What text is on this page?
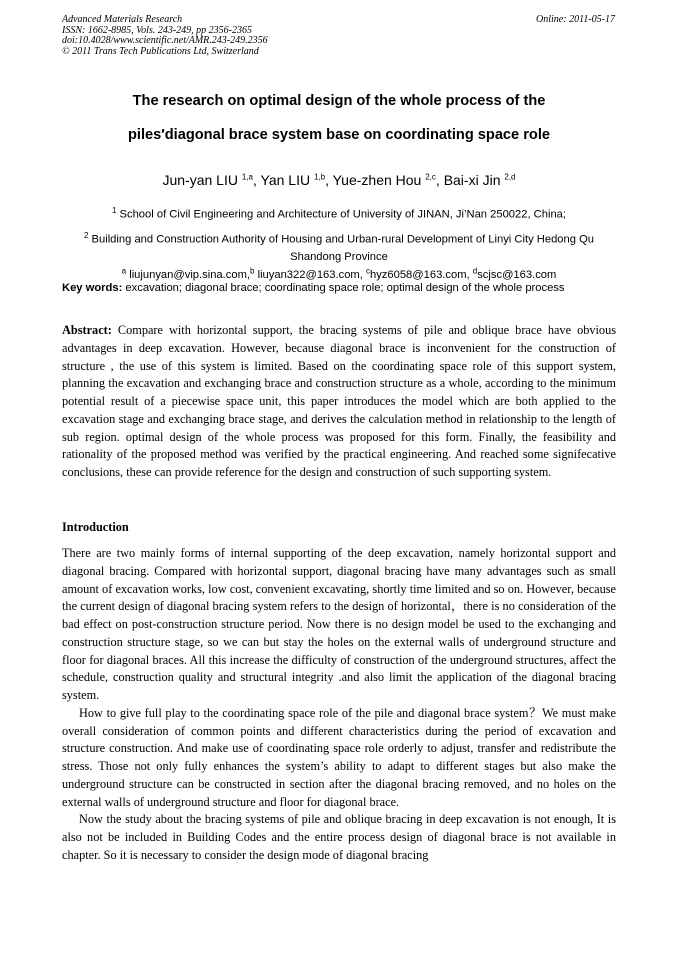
Advanced Materials Research
ISSN: 1662-8985, Vols. 243-249, pp 2356-2365
doi:10.4028/www.scientific.net/AMR.243-249.2356
© 2011 Trans Tech Publications Ltd, Switzerland
Online: 2011-05-17
The research on optimal design of the whole process of the
piles′diagonal brace system base on coordinating space role
Jun-yan LIU $^{1,a}$, Yan LIU $^{1,b}$, Yue-zhen Hou $^{2,c}$, Bai-xi Jin $^{2,d}$
$^1$ School of Civil Engineering and Architecture of University of JINAN, Ji’Nan 250022, China;
$^2$ Building and Construction Authority of Housing and Urban-rural Development of Linyi City Hedong Qu Shandong Province
$^a$ liujunyan@vip.sina.com,$^b$ liuyan322@163.com, $^c$hyz6058@163.com, $^d$scjsc@163.com
Key words: excavation; diagonal brace; coordinating space role; optimal design of the whole process

Abstract: Compare with horizontal support, the bracing systems of pile and oblique brace have obvious advantages in deep excavation. However, because diagonal brace is inconvenient for the construction of structure , the use of this system is limited. Based on the coordinating space role of this support system, planning the excavation and exchanging brace and construction structure as a whole, according to the minimum potential result of a piecewise space unit, this paper introduces the model which are both applied to the excavation stage and exchanging brace stage, and derives the calculation method in relationship to the length of sub region. optimal design of the whole process was proposed for this form. Finally, the feasibility and rationality of the proposed method was verified by the practical engineering. And reached some signifecative conclusions, these can provide reference for the design and construction of such supporting system.

Introduction

There are two mainly forms of internal supporting of the deep excavation, namely horizontal support and diagonal bracing. Compared with horizontal support, diagonal bracing have many advantages such as small amount of excavation works, low cost, convenient excavating, shortly time limited and so on. However, because the current design of diagonal bracing system refers to the design of horizontal，there is no consideration of the bad effect on post-construction structure period. Now there is no design model be used to the exchanging and construction structure stage, so we can but stay the holes on the external walls of underground structure and floor for diagonal braces. All this increase the difficulty of construction of the underground structures, affect the schedule, construction quality and structural integrity .and also limit the application of the diagonal bracing system.

How to give full play to the coordinating space role of the pile and diagonal brace system？We must make overall consideration of common points and different characteristics during the period of excavation and structure construction. And make use of coordinating space role orderly to adjust, transfer and redistribute the stress. Those not only fully enhances the system’s ability to adapt to different stages but also make the underground structure can be constructed in section after the diagonal bracing removed, and no holes on the external walls of underground structure and floor for diagonal brace.

Now the study about the bracing systems of pile and oblique bracing in deep excavation is not enough, It is also not be included in Building Codes and the entire process design of diagonal brace is not available in chapter. So it is necessary to consider the design mode of diagonal bracing
